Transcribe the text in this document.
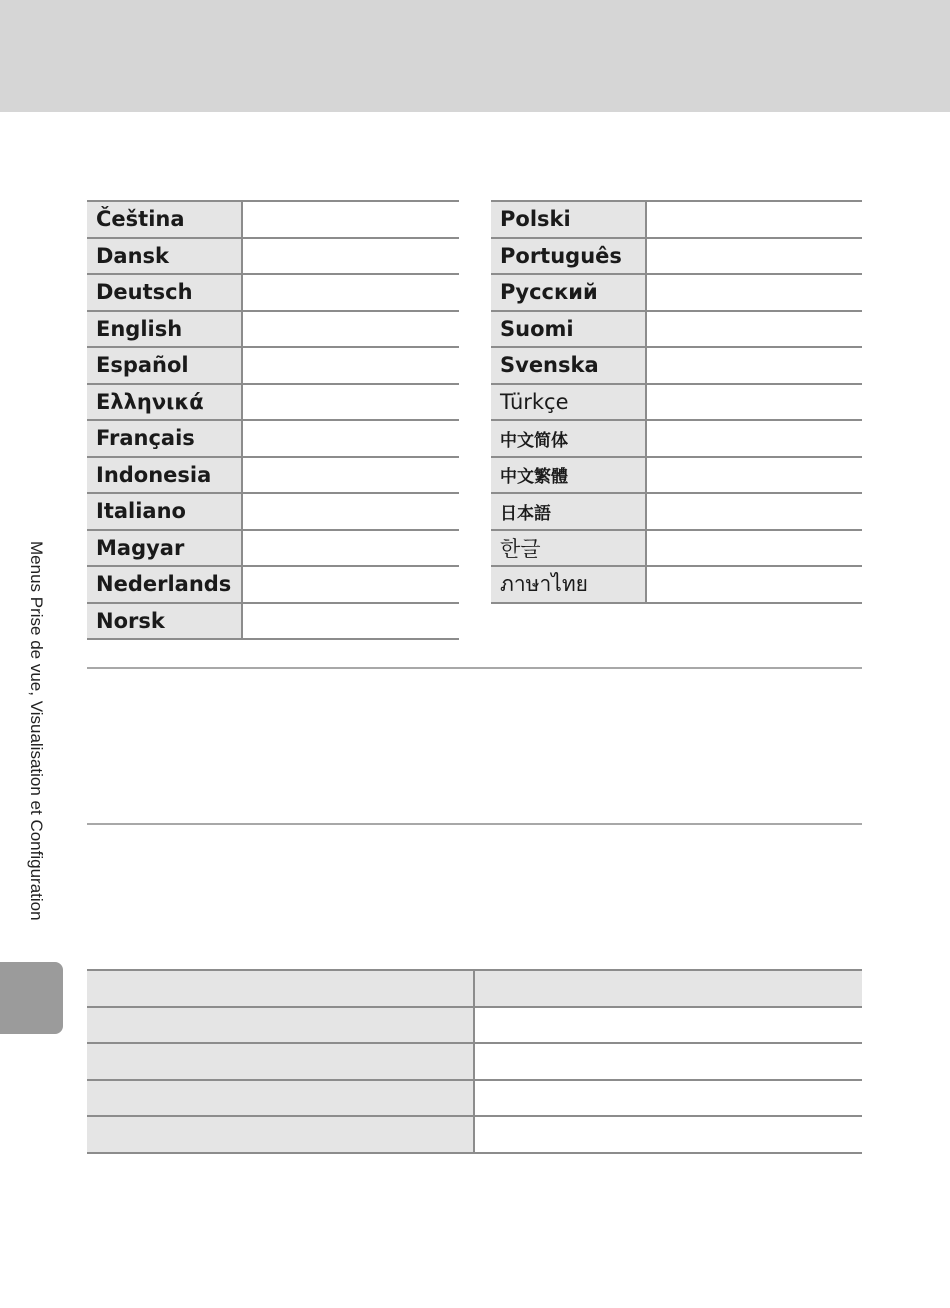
Čeština
Dansk
Deutsch
English
Español
Ελληνικά
Français
Indonesia
Italiano
Magyar
Nederlands
Norsk
Polski
Português
Русский
Suomi
Svenska
Türkçe
中文简体
中文繁體
日本語
한글
ภาษาไทย
Menus Prise de vue, Visualisation et Configuration
